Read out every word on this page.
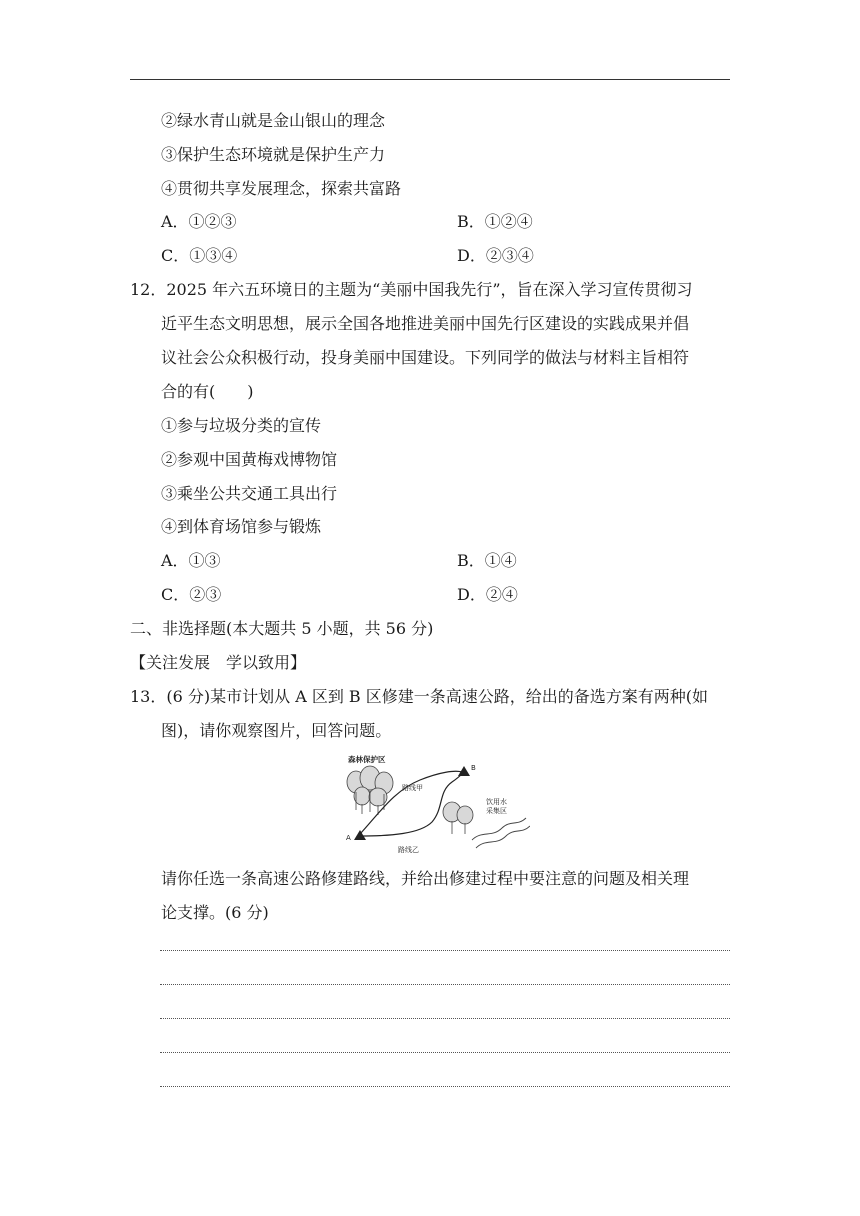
②绿水青山就是金山银山的理念
③保护生态环境就是保护生产力
④贯彻共享发展理念，探索共富路
A．①②③	B．①②④
C．①③④	D．②③④
12．2025 年六五环境日的主题为“美丽中国我先行”，旨在深入学习宣传贯彻习
近平生态文明思想，展示全国各地推进美丽中国先行区建设的实践成果并倡
议社会公众积极行动，投身美丽中国建设。下列同学的做法与材料主旨相符
合的有(　　)
①参与垃圾分类的宣传
②参观中国黄梅戏博物馆
③乘坐公共交通工具出行
④到体育场馆参与锻炼
A．①③	B．①④
C．②③	D．②④
二、非选择题(本大题共 5 小题，共 56 分)
【关注发展　学以致用】
13．(6 分)某市计划从 A 区到 B 区修建一条高速公路，给出的备选方案有两种(如
图)，请你观察图片，回答问题。
森林保护区
路线甲
路线乙
饮用水
采集区
A
B
请你任选一条高速公路修建路线，并给出修建过程中要注意的问题及相关理
论支撑。(6 分)
